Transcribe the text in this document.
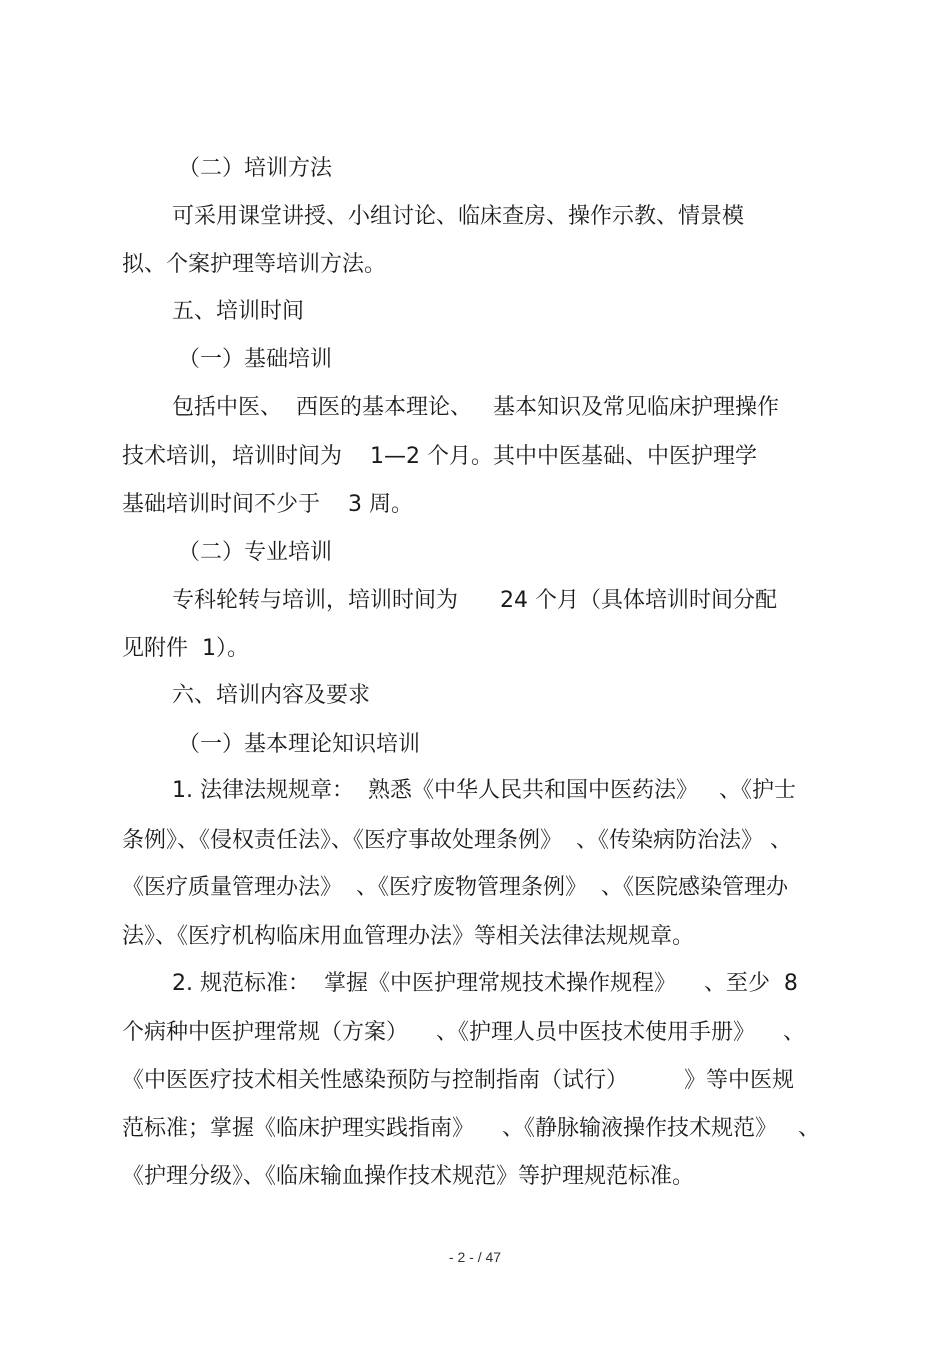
（二）培训方法

可采用课堂讲授、小组讨论、临床查房、操作示教、情景模

拟、个案护理等培训方法。

五、培训时间

（一）基础培训

包括中医、  西医的基本理论、   基本知识及常见临床护理操作

技术培训，培训时间为    1—2 个月。其中中医基础、中医护理学

基础培训时间不少于    3 周。

（二）专业培训

专科轮转与培训，培训时间为      24 个月（具体培训时间分配

见附件  1）。

六、培训内容及要求

（一）基本理论知识培训

1. 法律法规规章：  熟悉《中华人民共和国中医药法》   、《护士

条例》、《侵权责任法》、《医疗事故处理条例》  、《传染病防治法》 、

《医疗质量管理办法》  、《医疗废物管理条例》  、《医院感染管理办

法》、《医疗机构临床用血管理办法》等相关法律法规规章。

2. 规范标准：  掌握《中医护理常规技术操作规程》    、至少  8

个病种中医护理常规（方案）    、《护理人员中医技术使用手册》    、

《中医医疗技术相关性感染预防与控制指南（试行）        》等中医规

范标准；掌握《临床护理实践指南》    、《静脉输液操作技术规范》   、

《护理分级》、《临床输血操作技术规范》等护理规范标准。

- 2 - / 47
